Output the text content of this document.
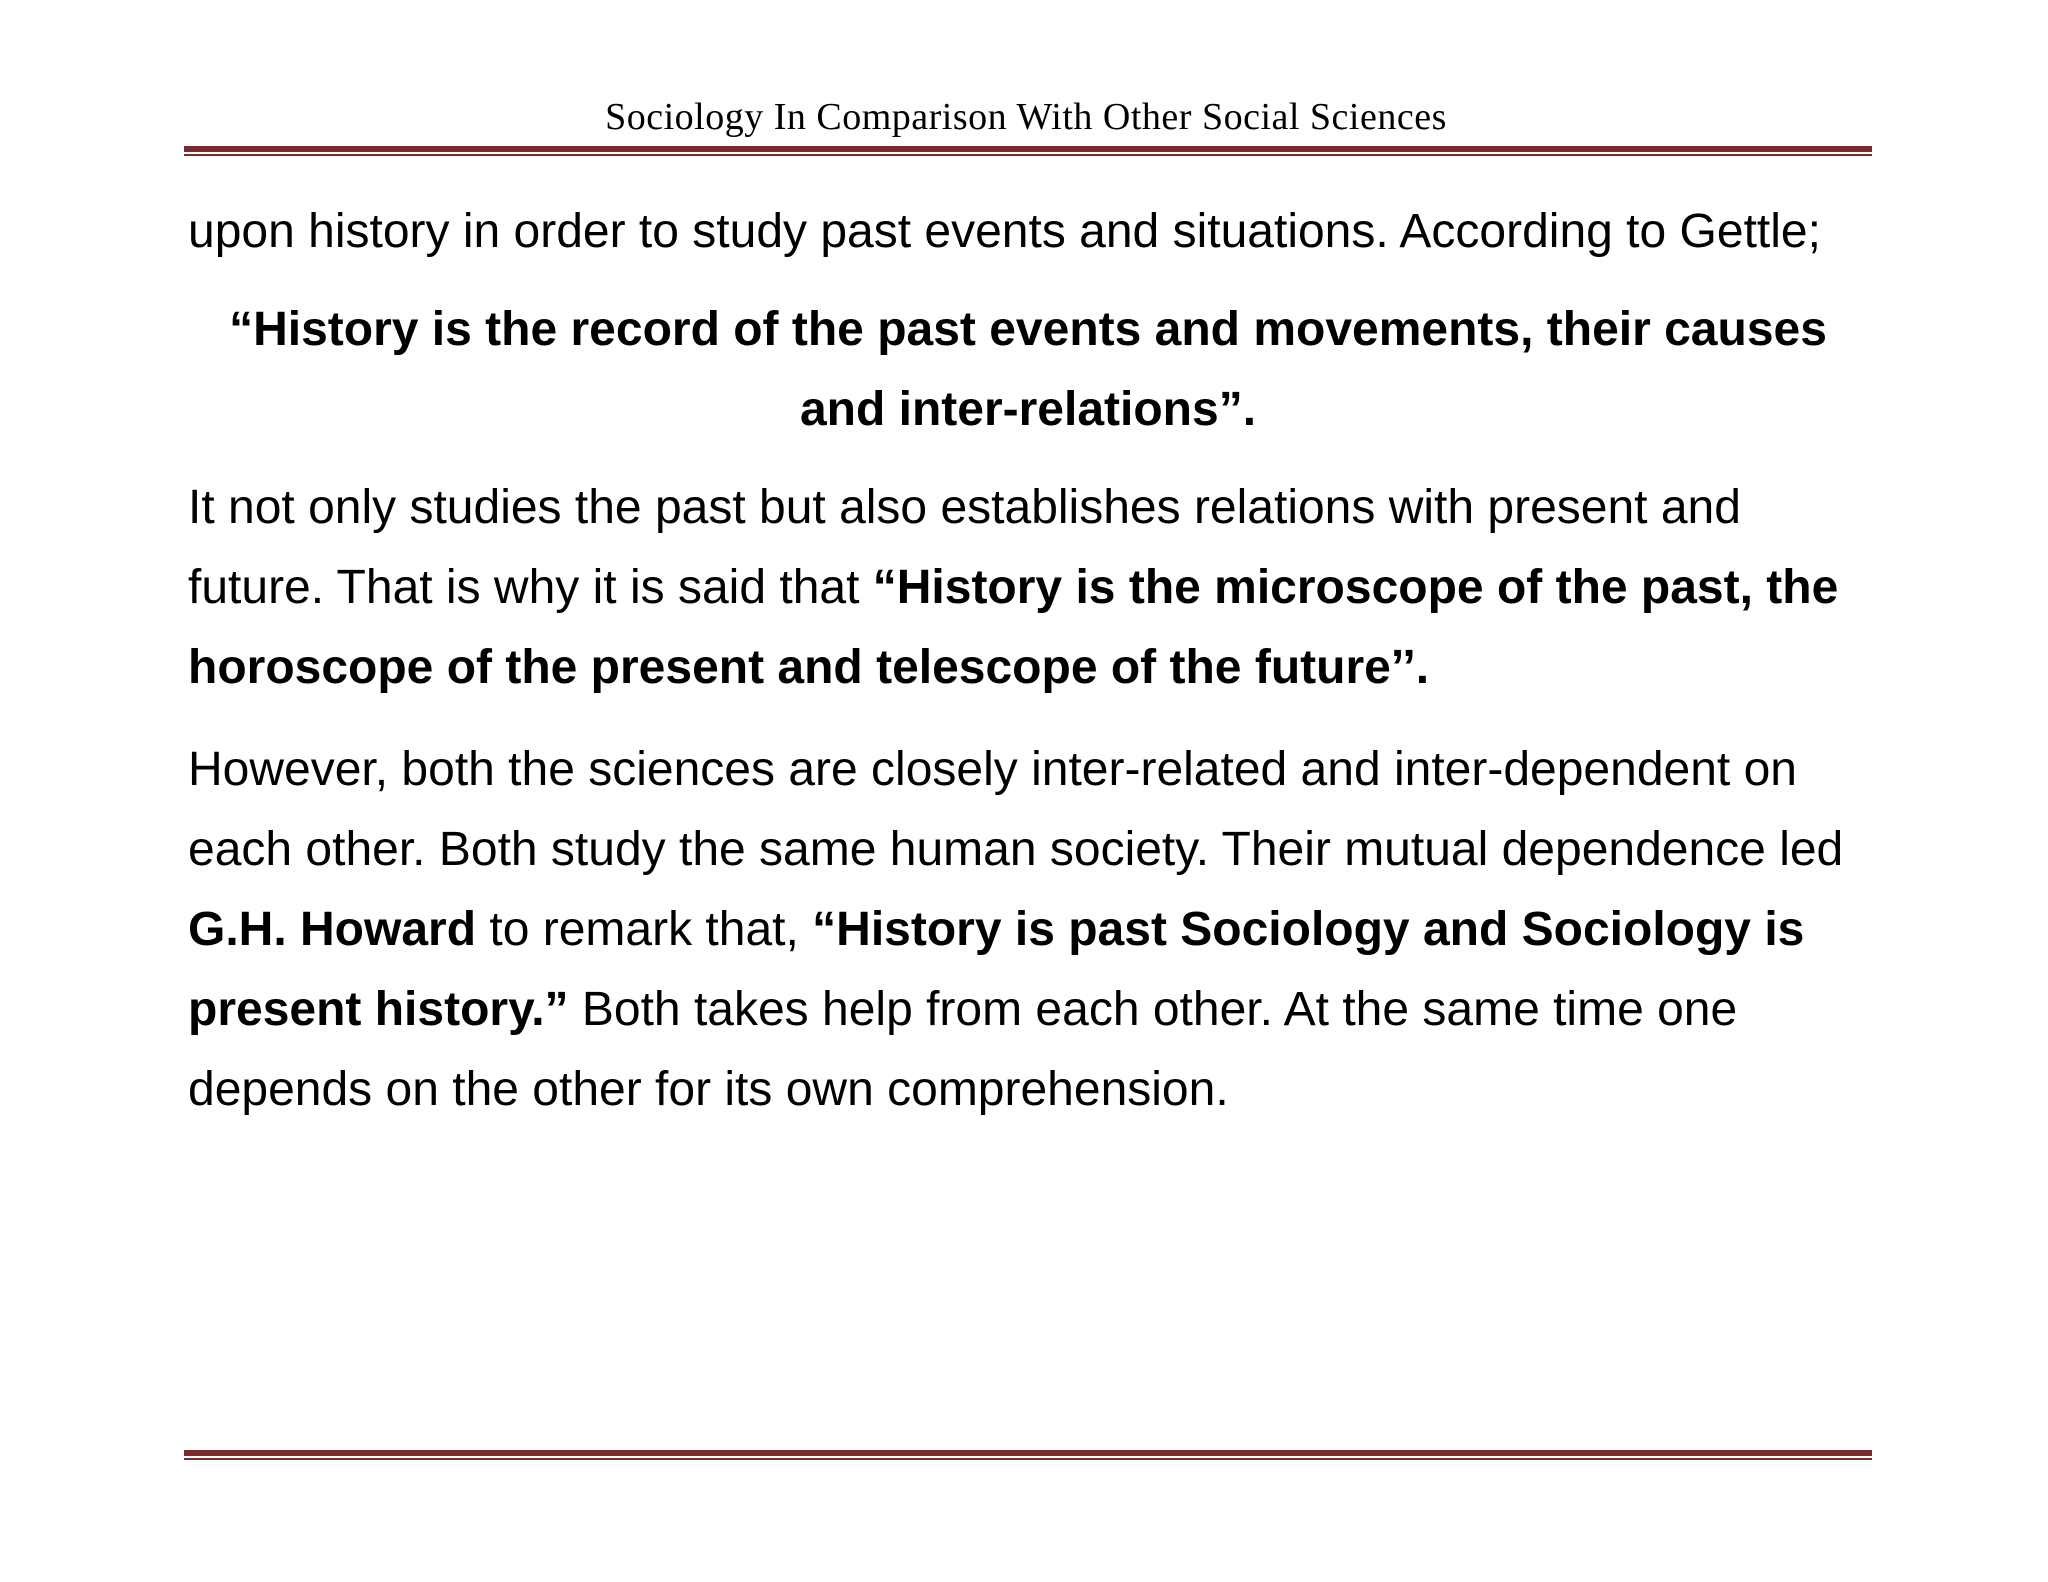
Sociology In Comparison With Other Social Sciences

upon history in order to study past events and situations. According to Gettle;

“History is the record of the past events and movements, their causes
and inter-relations”.

It not only studies the past but also establishes relations with present and future. That is why it is said that “History is the microscope of the past, the horoscope of the present and telescope of the future’’.

However, both the sciences are closely inter-related and inter-dependent on each other. Both study the same human society. Their mutual dependence led G.H. Howard to remark that, “History is past Sociology and Sociology is present history.” Both takes help from each other. At the same time one depends on the other for its own comprehension.
